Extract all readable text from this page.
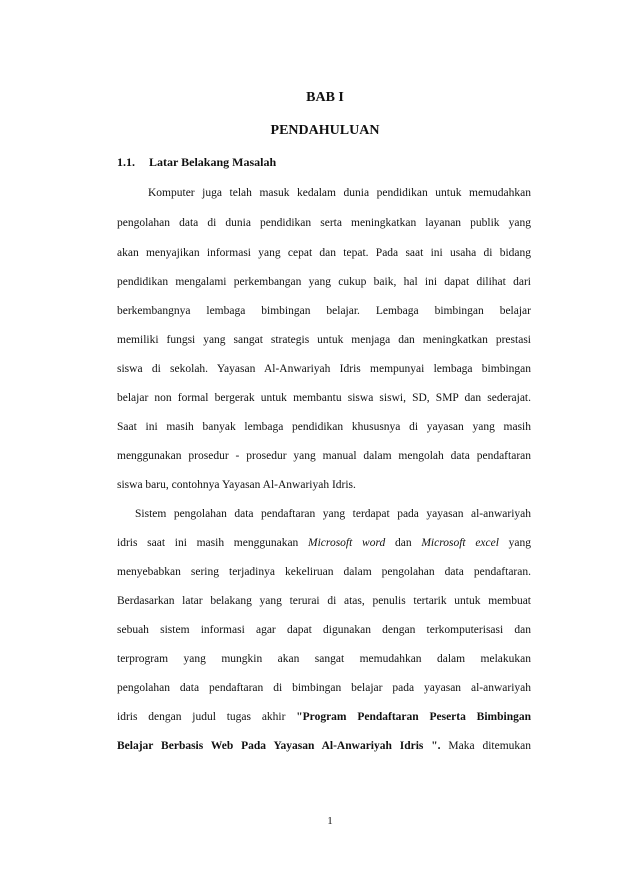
BAB I

PENDAHULUAN

1.1. Latar Belakang Masalah

Komputer juga telah masuk kedalam dunia pendidikan untuk memudahkan

pengolahan data di dunia pendidikan serta meningkatkan layanan publik yang

akan menyajikan informasi yang cepat dan tepat. Pada saat ini usaha di bidang

pendidikan mengalami perkembangan yang cukup baik, hal ini dapat dilihat dari

berkembangnya lembaga bimbingan belajar. Lembaga bimbingan belajar

memiliki fungsi yang sangat strategis untuk menjaga dan meningkatkan prestasi

siswa di sekolah. Yayasan Al-Anwariyah Idris mempunyai lembaga bimbingan

belajar non formal bergerak untuk membantu siswa siswi, SD, SMP dan sederajat.

Saat ini masih banyak lembaga pendidikan khususnya di yayasan yang masih

menggunakan prosedur - prosedur yang manual dalam mengolah data pendaftaran

siswa baru, contohnya Yayasan Al-Anwariyah Idris.

Sistem pengolahan data pendaftaran yang terdapat pada yayasan al-anwariyah

idris saat ini masih menggunakan Microsoft word dan Microsoft excel yang

menyebabkan sering terjadinya kekeliruan dalam pengolahan data pendaftaran.

Berdasarkan latar belakang yang terurai di atas, penulis tertarik untuk membuat

sebuah sistem informasi agar dapat digunakan dengan terkomputerisasi dan

terprogram yang mungkin akan sangat memudahkan dalam melakukan

pengolahan data pendaftaran di bimbingan belajar pada yayasan al-anwariyah

idris dengan judul tugas akhir "Program Pendaftaran Peserta Bimbingan

Belajar Berbasis Web Pada Yayasan Al-Anwariyah Idris ". Maka ditemukan

1
